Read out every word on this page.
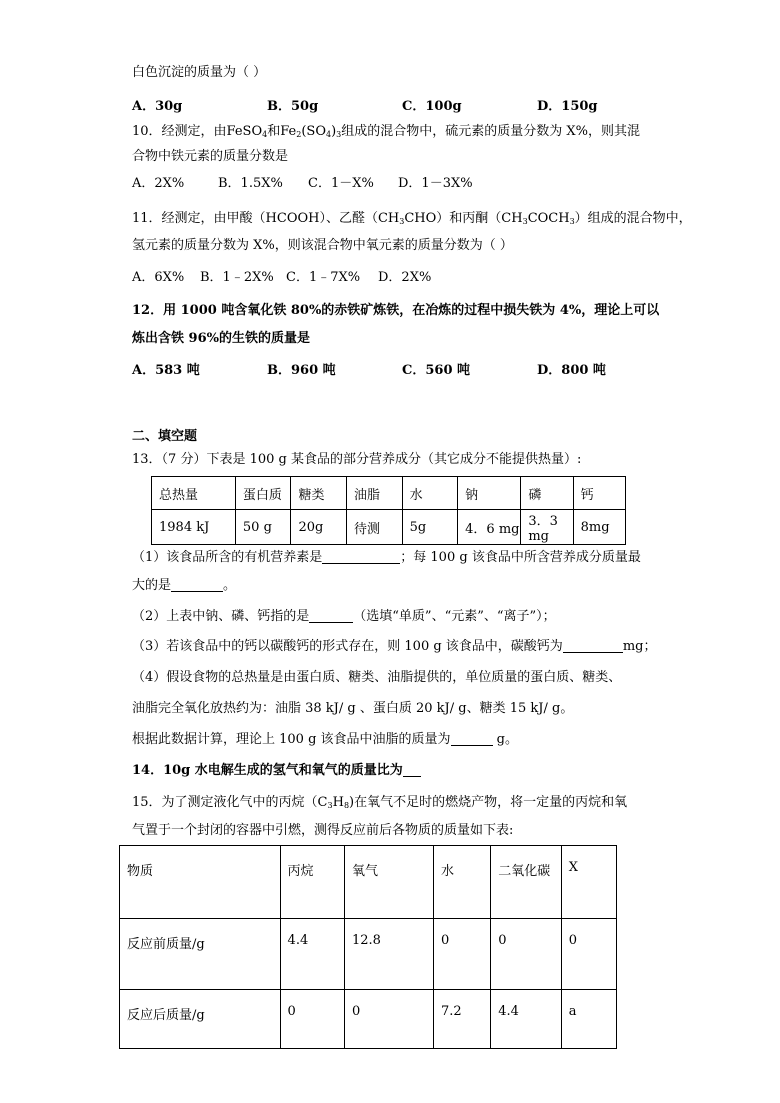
白色沉淀的质量为（ ）
A．30g	B．50g	C．100g	D．150g
10．经测定，由FeSO$_4$和$Fe_2(SO_4)_3$组成的混合物中，硫元素的质量分数为 X%，则其混
合物中铁元素的质量分数是
A．2X%	B．1.5X% C．1－X% D．1－3X%
11．经测定，由甲酸（HCOOH）、乙醛$(CH_3CHO)$和丙酮$(CH_3COCH_3)$组成的混合物中，
氢元素的质量分数为 X%，则该混合物中氧元素的质量分数为（ ）
A．6X% B．1﹣2X% C．1﹣7X% D．2X%
12．用 1000 吨含氧化铁 80%的赤铁矿炼铁，在冶炼的过程中损失铁为 4%，理论上可以
炼出含铁 96%的生铁的质量是
A．583 吨	B．960 吨	C．560 吨	D．800 吨
二、填空题
13．（7 分）下表是 100 g 某食品的部分营养成分（其它成分不能提供热量）:
总热量	蛋白质	糖类	油脂	水	钠	磷	钙
1984 kJ	50 g	20g	待测	5g	4．6 mg	3．3 mg	8mg
（1）该食品所含的有机营养素是	；每 100 g 该食品中所含营养成分质量最
大的是	。
（2）上表中钠、磷、钙指的是	（选填“单质”、“元素”、“离子”）；
（3）若该食品中的钙以碳酸钙的形式存在，则 100 g 该食品中，碳酸钙为	mg；
（4）假设食物的总热量是由蛋白质、糖类、油脂提供的，单位质量的蛋白质、糖类、
油脂完全氧化放热约为：油脂 38 kJ/ g 、蛋白质 20 kJ/ g、糖类 15 kJ/ g。
根据此数据计算，理论上 100 g 该食品中油脂的质量为	g。
14．10g 水电解生成的氢气和氧气的质量比为
15．为了测定液化气中的丙烷$(C_3H_8)$在氧气不足时的燃烧产物，将一定量的丙烷和氧
气置于一个封闭的容器中引燃，测得反应前后各物质的质量如下表:
物质	丙烷	氧气	水	二氧化碳	X
反应前质量/g	4.4	12.8	0	0	0
反应后质量/g	0	0	7.2	4.4	a
